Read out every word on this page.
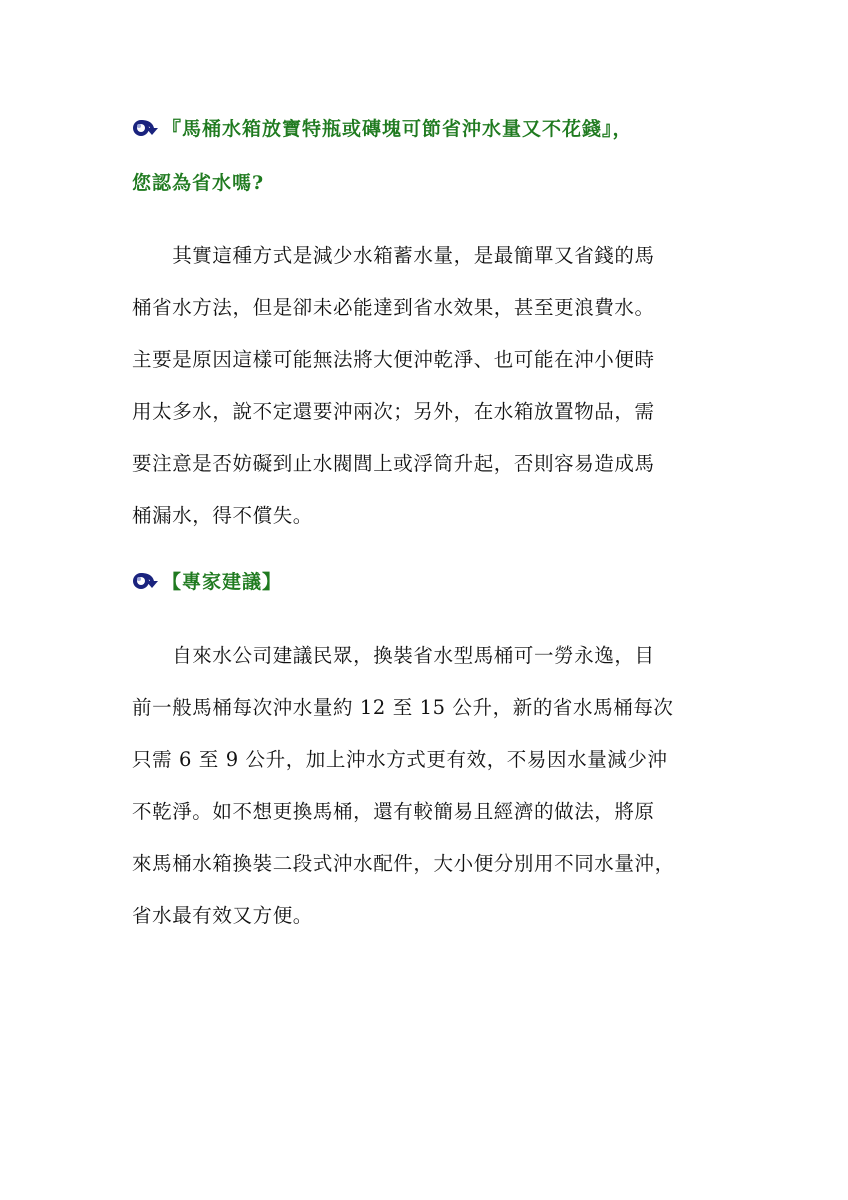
『馬桶水箱放寶特瓶或磚塊可節省沖水量又不花錢』，
您認為省水嗎?
　　其實這種方式是減少水箱蓄水量，是最簡單又省錢的馬
桶省水方法，但是卻未必能達到省水效果，甚至更浪費水。
主要是原因這樣可能無法將大便沖乾淨、也可能在沖小便時
用太多水，說不定還要沖兩次；另外，在水箱放置物品，需
要注意是否妨礙到止水閥閭上或浮筒升起，否則容易造成馬
桶漏水，得不償失。
【專家建議】
　　自來水公司建議民眾，換裝省水型馬桶可一勞永逸，目
前一般馬桶每次沖水量約 12 至 15 公升，新的省水馬桶每次
只需 6 至 9 公升，加上沖水方式更有效，不易因水量減少沖
不乾淨。如不想更換馬桶，還有較簡易且經濟的做法，將原
來馬桶水箱換裝二段式沖水配件，大小便分別用不同水量沖，
省水最有效又方便。
